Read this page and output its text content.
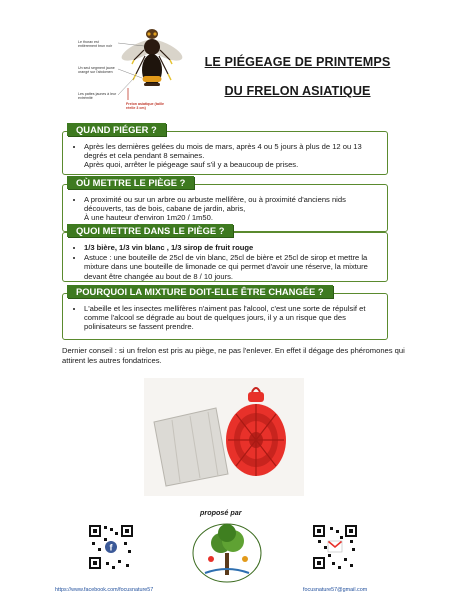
Le thorax est entièrement brun noir
Un seul segment jaune orangé sur l'abdomen
Les pattes jaunes à leur extrémité
Frelon asiatique (taille réelle 3 cm)
LE PIÉGEAGE DE PRINTEMPS
DU FRELON ASIATIQUE
QUAND PIÉGER ?
• Après les dernières gelées du mois de mars, après 4 ou 5 jours à plus de 12 ou 13 degrés et cela pendant 8 semaines.
Après quoi, arrêter le piégeage sauf s'il y a beaucoup de prises.
OÙ METTRE LE PIÈGE ?
• A proximité ou sur un arbre ou arbuste mellifère, ou à proximité d'anciens nids découverts, tas de bois, cabane de jardin, abris,
À une hauteur d'environ 1m20 / 1m50.
QUOI METTRE DANS LE PIÈGE ?
• 1/3 bière, 1/3 vin blanc , 1/3 sirop de fruit rouge
• Astuce : une bouteille de 25cl de vin blanc, 25cl de bière et 25cl de sirop et mettre la mixture dans une bouteille de limonade ce qui permet d'avoir une réserve, la mixture devant être changée au bout de 8 / 10 jours.
POURQUOI LA MIXTURE DOIT-ELLE ÊTRE CHANGÉE ?
• L'abeille et les insectes mellifères n'aiment pas l'alcool, c'est une sorte de répulsif et comme l'alcool se dégrade au bout de quelques jours, il y a un risque que des polinisateurs se fassent prendre.
Dernier conseil : si un frelon est pris au piège, ne pas l'enlever. En effet il dégage des phéromones qui attirent les autres fondatrices.
proposé par
f
https://www.facebook.com/focusnature57	focusnature57@gmail.com
